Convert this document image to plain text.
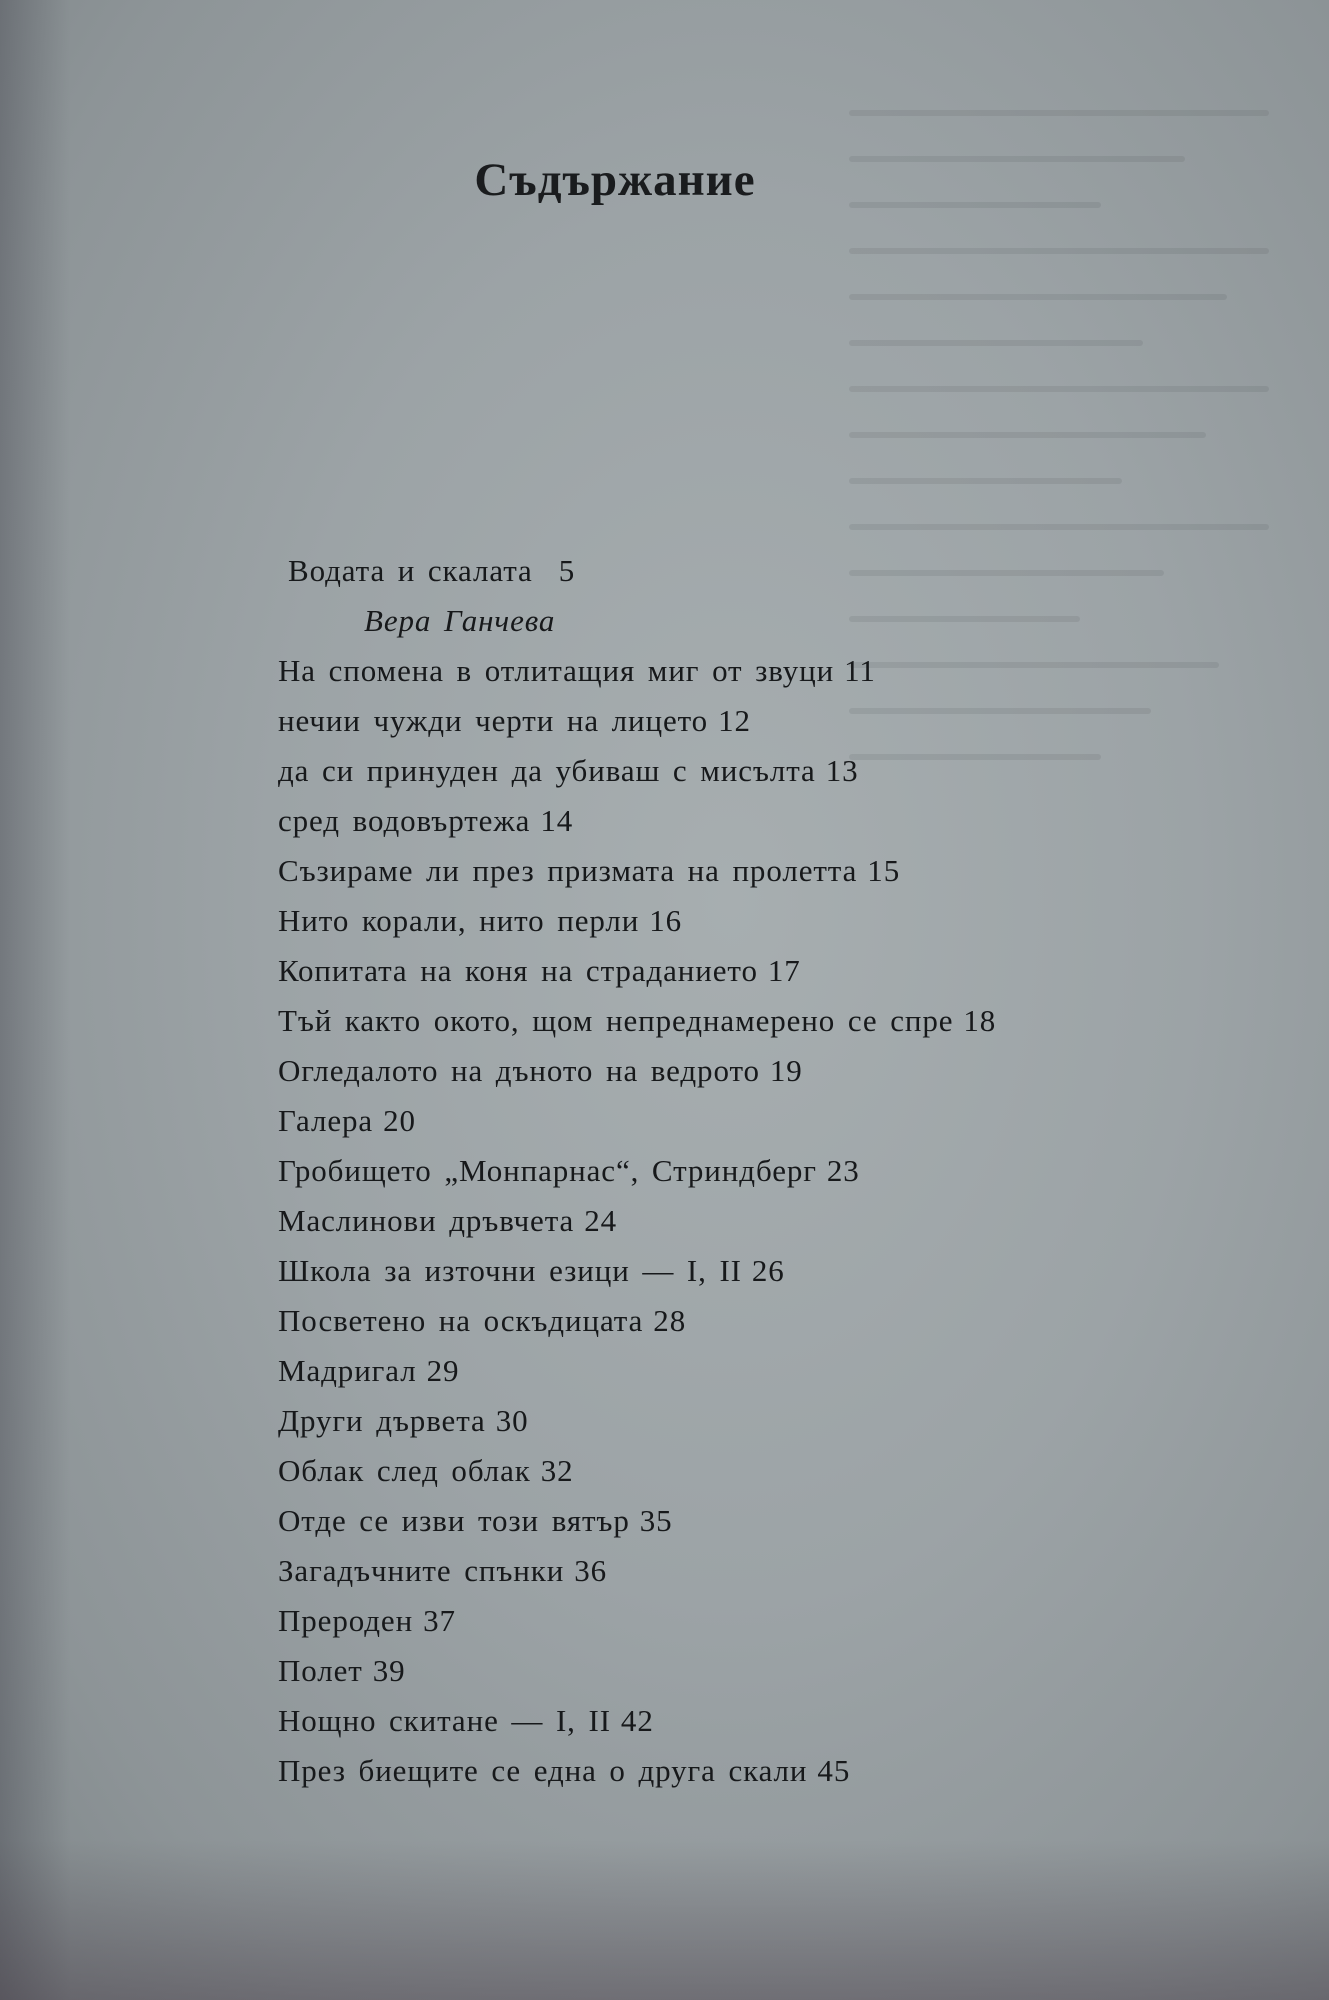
Съдържание
Водата и скалата 5
Вера Ганчева
На спомена в отлитащия миг от звуци 11
нечии чужди черти на лицето 12
да си принуден да убиваш с мисълта 13
сред водовъртежа 14
Съзираме ли през призмата на пролетта 15
Нито корали, нито перли 16
Копитата на коня на страданието 17
Тъй както окото, щом непреднамерено се спре 18
Огледалото на дъното на ведрото 19
Галера 20
Гробището „Монпарнас“, Стриндберг 23
Маслинови дръвчета 24
Школа за източни езици — I, II 26
Посветено на оскъдицата 28
Мадригал 29
Други дървета 30
Облак след облак 32
Отде се изви този вятър 35
Загадъчните спънки 36
Прероден 37
Полет 39
Нощно скитане — I, II 42
През биещите се една о друга скали 45
